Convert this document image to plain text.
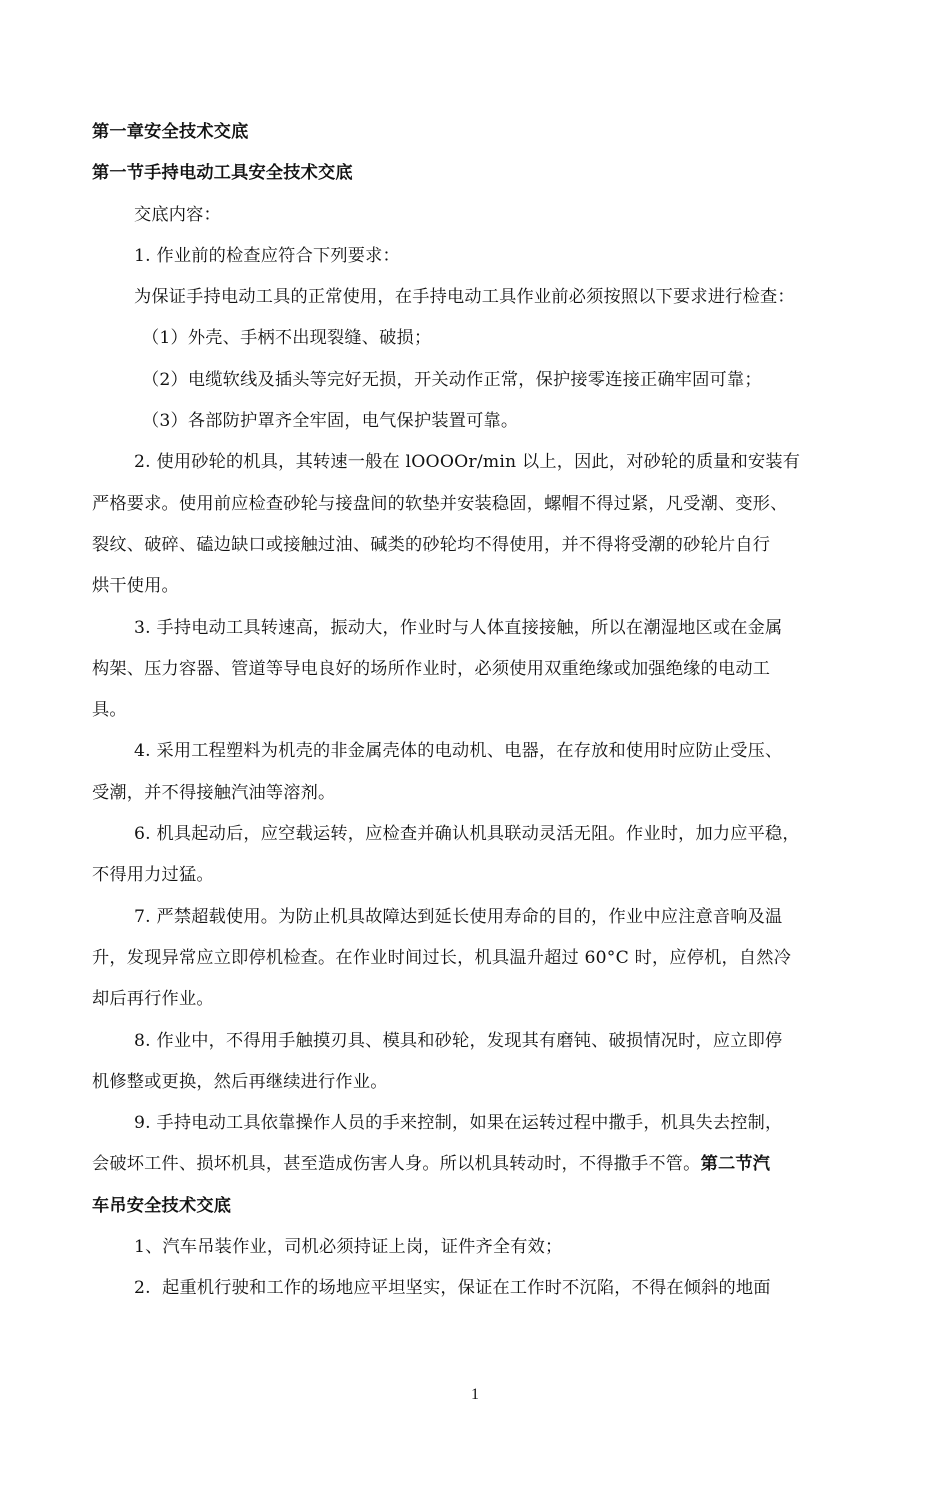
第一章安全技术交底
第一节手持电动工具安全技术交底
交底内容：
1. 作业前的检查应符合下列要求：
为保证手持电动工具的正常使用，在手持电动工具作业前必须按照以下要求进行检查：
（1）外壳、手柄不出现裂缝、破损；
（2）电缆软线及插头等完好无损，开关动作正常，保护接零连接正确牢固可靠；
（3）各部防护罩齐全牢固，电气保护装置可靠。
2. 使用砂轮的机具，其转速一般在 lOOOOr/min 以上，因此，对砂轮的质量和安装有
严格要求。使用前应检查砂轮与接盘间的软垫并安装稳固，螺帽不得过紧，凡受潮、变形、
裂纹、破碎、磕边缺口或接触过油、碱类的砂轮均不得使用，并不得将受潮的砂轮片自行
烘干使用。
3. 手持电动工具转速高，振动大，作业时与人体直接接触，所以在潮湿地区或在金属
构架、压力容器、管道等导电良好的场所作业时，必须使用双重绝缘或加强绝缘的电动工
具。
4. 采用工程塑料为机壳的非金属壳体的电动机、电器，在存放和使用时应防止受压、
受潮，并不得接触汽油等溶剂。
6. 机具起动后，应空载运转，应检查并确认机具联动灵活无阻。作业时，加力应平稳，
不得用力过猛。
7. 严禁超载使用。为防止机具故障达到延长使用寿命的目的，作业中应注意音响及温
升，发现异常应立即停机检查。在作业时间过长，机具温升超过 60°C 时，应停机，自然冷
却后再行作业。
8. 作业中，不得用手触摸刃具、模具和砂轮，发现其有磨钝、破损情况时，应立即停
机修整或更换，然后再继续进行作业。
9. 手持电动工具依靠操作人员的手来控制，如果在运转过程中撒手，机具失去控制，
会破坏工件、损坏机具，甚至造成伤害人身。所以机具转动时，不得撒手不管。第二节汽
车吊安全技术交底
1、汽车吊装作业，司机必须持证上岗，证件齐全有效；
2.  起重机行驶和工作的场地应平坦坚实，保证在工作时不沉陷，不得在倾斜的地面
1
